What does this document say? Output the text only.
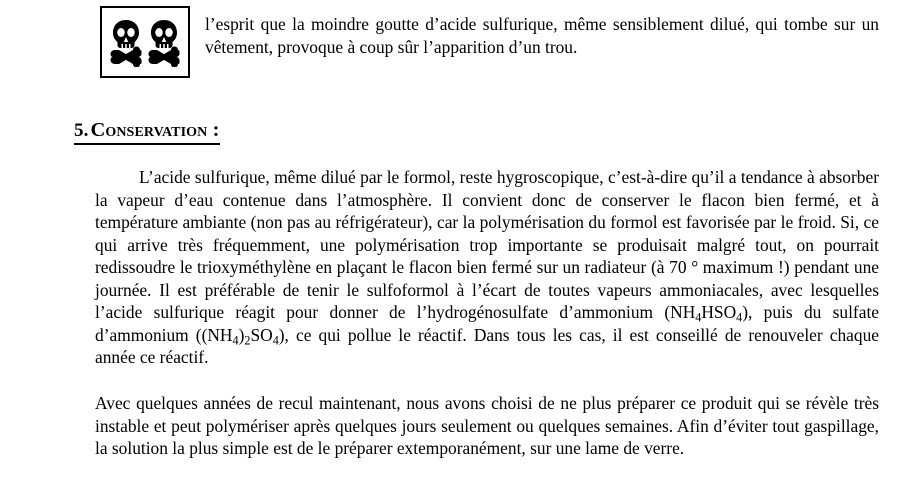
l’esprit que la moindre goutte d’acide sulfurique, même sensiblement dilué, qui tombe sur un vêtement, provoque à coup sûr l’apparition d’un trou.
5.Conservation :

L’acide sulfurique, même dilué par le formol, reste hygroscopique, c’est-à-dire qu’il a tendance à absorber la vapeur d’eau contenue dans l’atmosphère. Il convient donc de conserver le flacon bien fermé, et à température ambiante (non pas au réfrigérateur), car la polymérisation du formol est favorisée par le froid. Si, ce qui arrive très fréquemment, une polymérisation trop importante se produisait malgré tout, on pourrait redissoudre le trioxyméthylène en plaçant le flacon bien fermé sur un radiateur (à 70 ° maximum !) pendant une journée. Il est préférable de tenir le sulfoformol à l’écart de toutes vapeurs ammoniacales, avec lesquelles l’acide sulfurique réagit pour donner de l’hydrogénosulfate d’ammonium $(NH_4HSO_4)$, puis du sulfate d’ammonium $((NH_4)_2SO_4)$, ce qui pollue le réactif. Dans tous les cas, il est conseillé de renouveler chaque année ce réactif.

Avec quelques années de recul maintenant, nous avons choisi de ne plus préparer ce produit qui se révèle très instable et peut polymériser après quelques jours seulement ou quelques semaines. Afin d’éviter tout gaspillage, la solution la plus simple est de le préparer extemporanément, sur une lame de verre.
